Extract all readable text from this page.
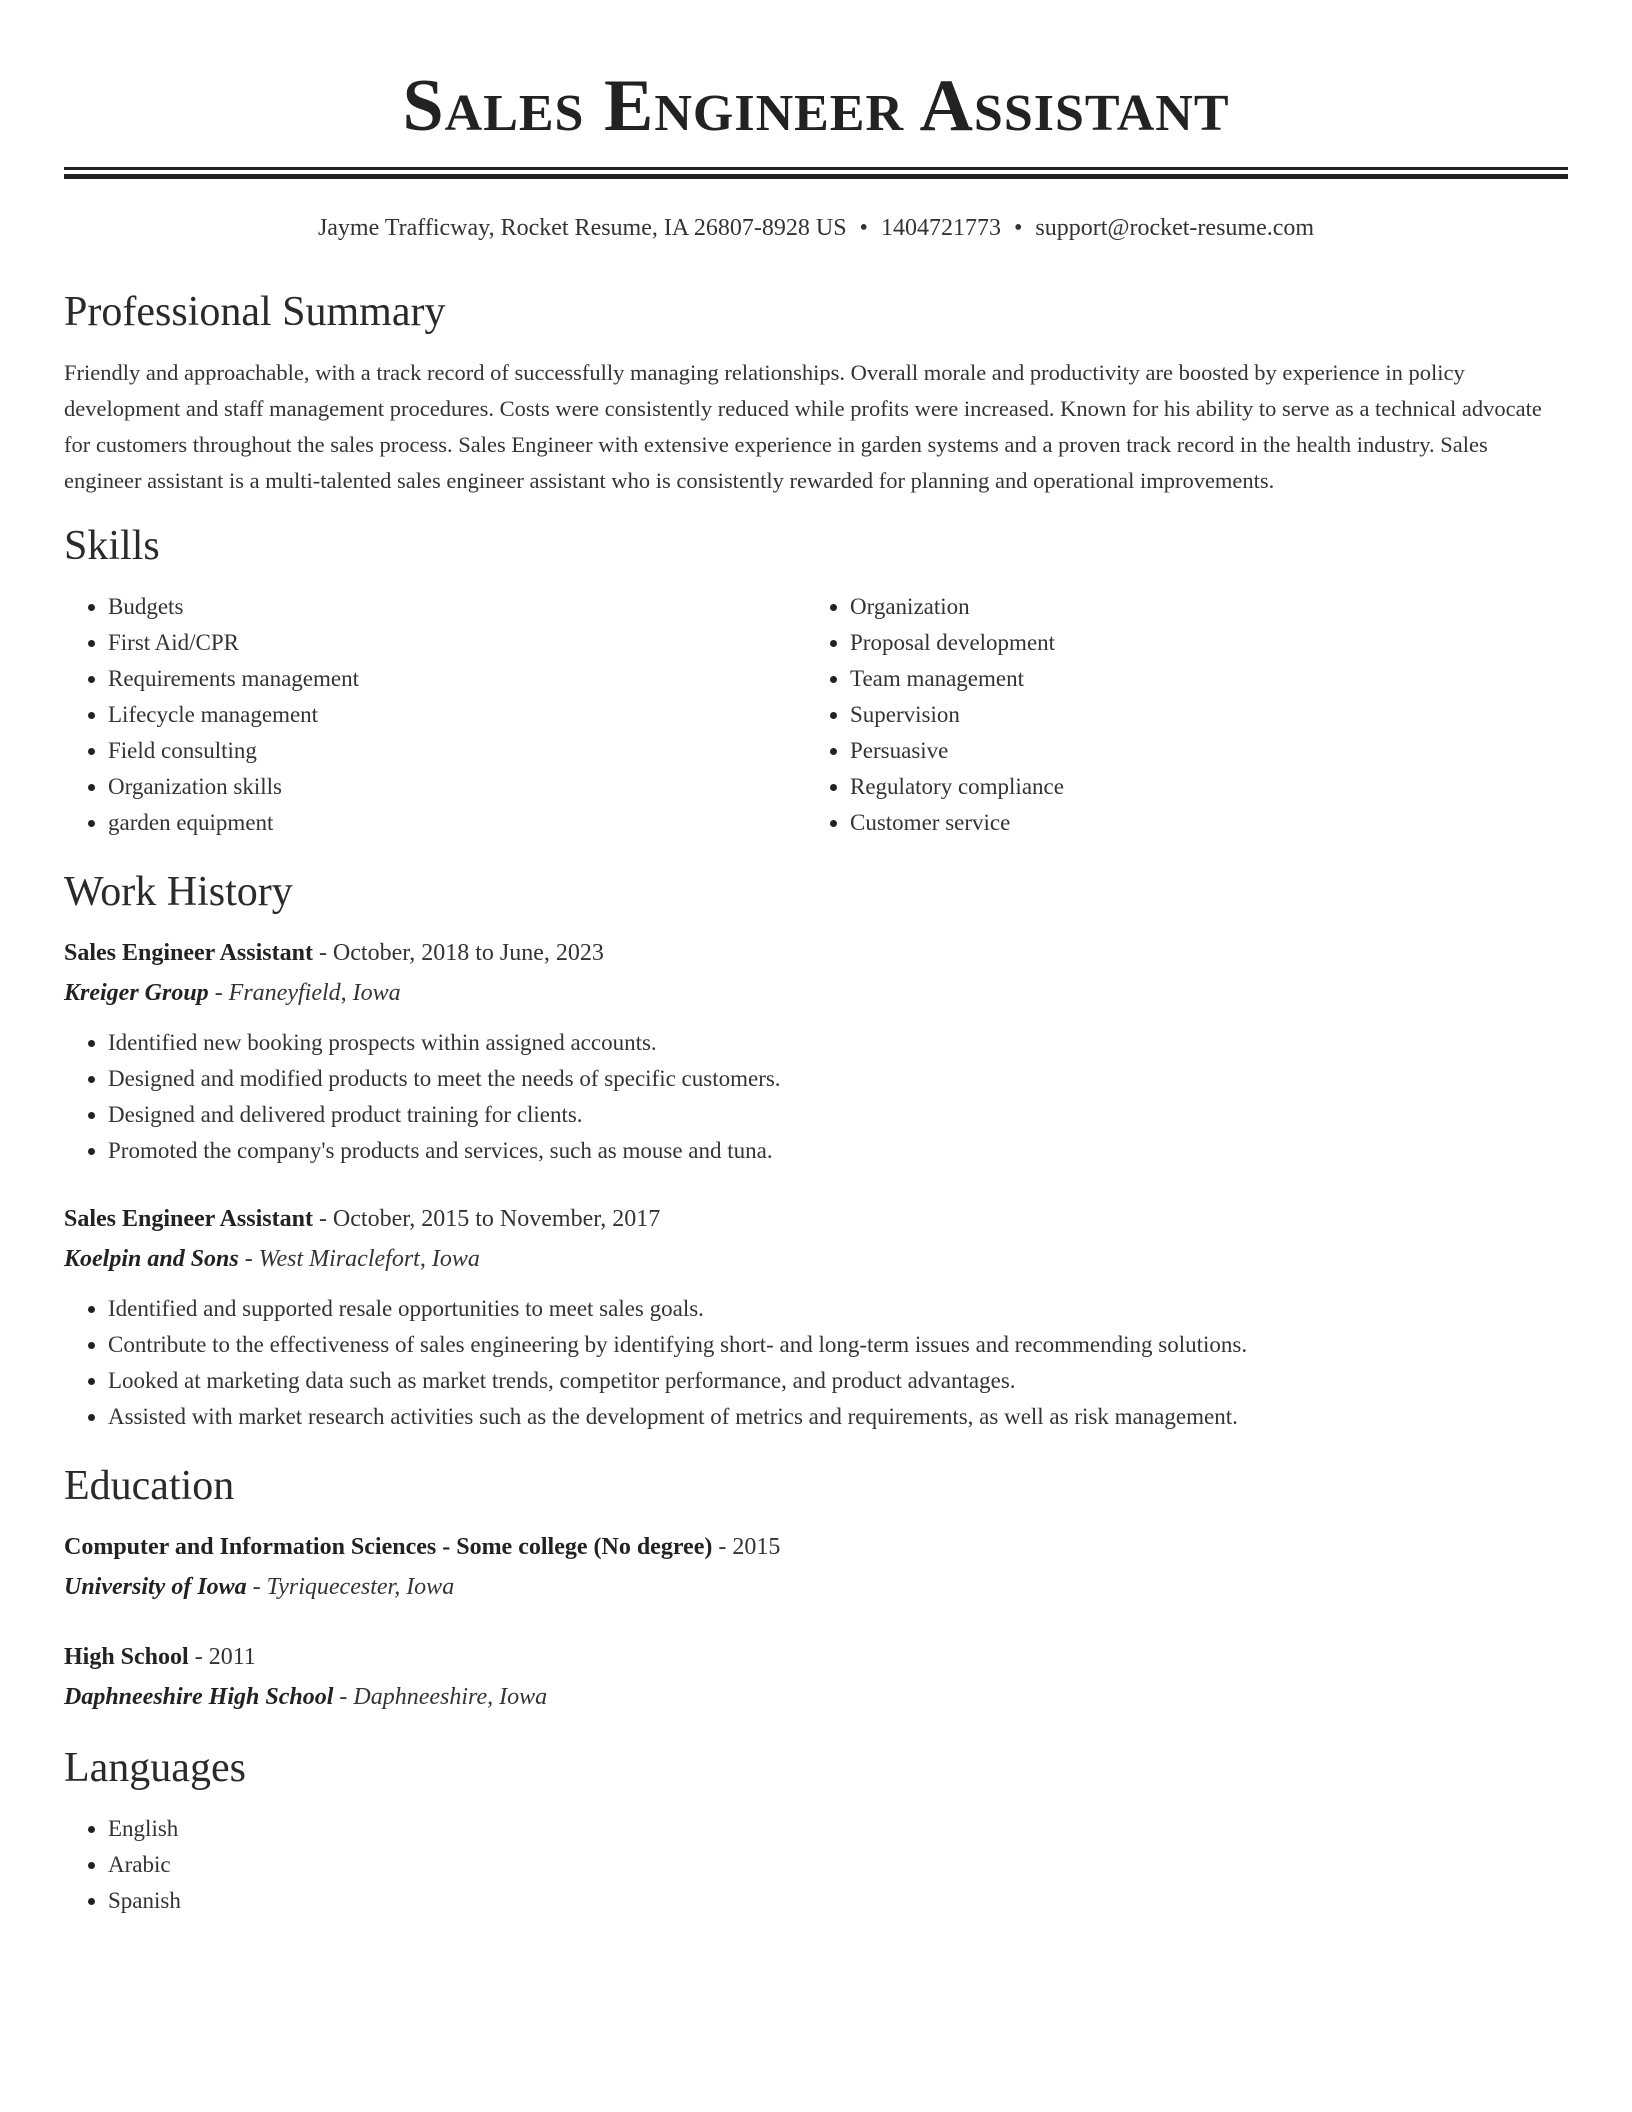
Sales Engineer Assistant
Jayme Trafficway, Rocket Resume, IA 26807-8928 US • 1404721773 • support@rocket-resume.com
Professional Summary
Friendly and approachable, with a track record of successfully managing relationships. Overall morale and productivity are boosted by experience in policy development and staff management procedures. Costs were consistently reduced while profits were increased. Known for his ability to serve as a technical advocate for customers throughout the sales process. Sales Engineer with extensive experience in garden systems and a proven track record in the health industry. Sales engineer assistant is a multi-talented sales engineer assistant who is consistently rewarded for planning and operational improvements.
Skills
• Budgets
• First Aid/CPR
• Requirements management
• Lifecycle management
• Field consulting
• Organization skills
• garden equipment
• Organization
• Proposal development
• Team management
• Supervision
• Persuasive
• Regulatory compliance
• Customer service
Work History
Sales Engineer Assistant - October, 2018 to June, 2023
Kreiger Group - Franeyfield, Iowa
• Identified new booking prospects within assigned accounts.
• Designed and modified products to meet the needs of specific customers.
• Designed and delivered product training for clients.
• Promoted the company's products and services, such as mouse and tuna.
Sales Engineer Assistant - October, 2015 to November, 2017
Koelpin and Sons - West Miraclefort, Iowa
• Identified and supported resale opportunities to meet sales goals.
• Contribute to the effectiveness of sales engineering by identifying short- and long-term issues and recommending solutions.
• Looked at marketing data such as market trends, competitor performance, and product advantages.
• Assisted with market research activities such as the development of metrics and requirements, as well as risk management.
Education
Computer and Information Sciences - Some college (No degree) - 2015
University of Iowa - Tyriquecester, Iowa
High School - 2011
Daphneeshire High School - Daphneeshire, Iowa
Languages
• English
• Arabic
• Spanish
